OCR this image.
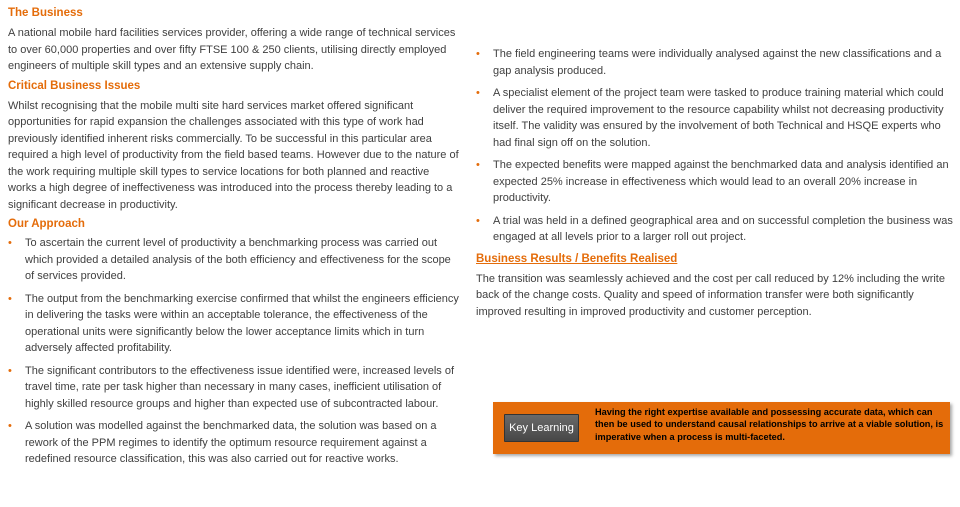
The Business

A national mobile hard facilities services provider, offering a wide range of technical services to over 60,000 properties and over fifty FTSE 100 & 250 clients, utilising directly employed engineers of multiple skill types and an extensive supply chain.

Critical Business Issues

Whilst recognising that the mobile multi site hard services market offered significant opportunities for rapid expansion the challenges associated with this type of work had previously identified inherent risks commercially. To be successful in this particular area required a high level of productivity from the field based teams. However due to the nature of the work requiring multiple skill types to service locations for both planned and reactive works a high degree of ineffectiveness was introduced into the process thereby leading to a significant decrease in productivity.

Our Approach
• To ascertain the current level of productivity a benchmarking process was carried out which provided a detailed analysis of the both efficiency and effectiveness for the scope of services provided.
• The output from the benchmarking exercise confirmed that whilst the engineers efficiency in delivering the tasks were within an acceptable tolerance, the effectiveness of the operational units were significantly below the lower acceptance limits which in turn adversely affected profitability.
• The significant contributors to the effectiveness issue identified were, increased levels of travel time, rate per task higher than necessary in many cases, inefficient utilisation of highly skilled resource groups and higher than expected use of subcontracted labour.
• A solution was modelled against the benchmarked data, the solution was based on a rework of the PPM regimes to identify the optimum resource requirement against a redefined resource classification, this was also carried out for reactive works.
• The field engineering teams were individually analysed against the new classifications and a gap analysis produced.
• A specialist element of the project team were tasked to produce training material which could deliver the required improvement to the resource capability whilst not decreasing productivity itself. The validity was ensured by the involvement of both Technical and HSQE experts who had final sign off on the solution.
• The expected benefits were mapped against the benchmarked data and analysis identified an expected 25% increase in effectiveness which would lead to an overall 20% increase in productivity.
• A trial was held in a defined geographical area and on successful completion the business was engaged at all levels prior to a larger roll out project.
Business Results / Benefits Realised

The transition was seamlessly achieved and the cost per call reduced by 12% including the write back of the change costs. Quality and speed of information transfer were both significantly improved resulting in improved productivity and customer perception.

Key Learning
Having the right expertise available and possessing accurate data, which can then be used to understand causal relationships to arrive at a viable solution, is imperative when a process is multi-faceted.
